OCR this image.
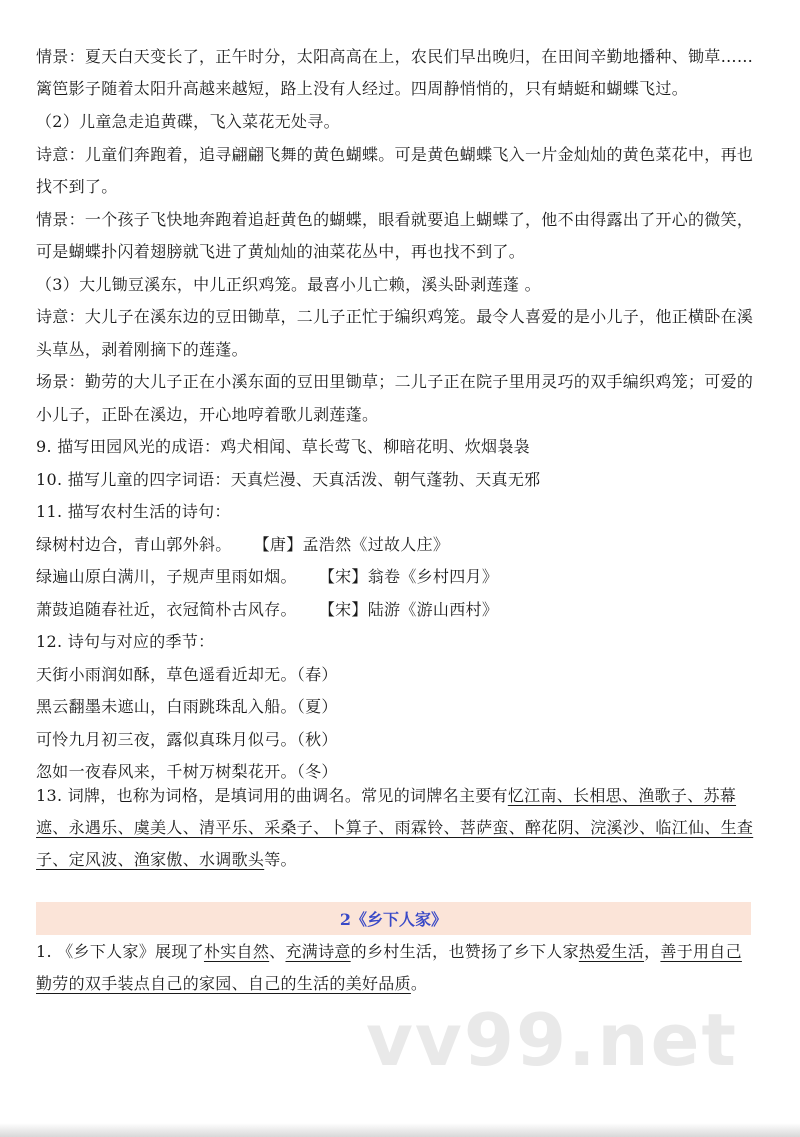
情景：夏天白天变长了，正午时分，太阳高高在上，农民们早出晚归，在田间辛勤地播种、锄草……
篱笆影子随着太阳升高越来越短，路上没有人经过。四周静悄悄的，只有蜻蜓和蝴蝶飞过。
（2）儿童急走追黄碟，飞入菜花无处寻。
诗意：儿童们奔跑着，追寻翩翩飞舞的黄色蝴蝶。可是黄色蝴蝶飞入一片金灿灿的黄色菜花中，再也
找不到了。
情景：一个孩子飞快地奔跑着追赶黄色的蝴蝶，眼看就要追上蝴蝶了，他不由得露出了开心的微笑，
可是蝴蝶扑闪着翅膀就飞进了黄灿灿的油菜花丛中，再也找不到了。
（3）大儿锄豆溪东，中儿正织鸡笼。最喜小儿亡赖，溪头卧剥莲蓬 。
诗意：大儿子在溪东边的豆田锄草，二儿子正忙于编织鸡笼。最令人喜爱的是小儿子，他正横卧在溪
头草丛，剥着刚摘下的莲蓬。
场景：勤劳的大儿子正在小溪东面的豆田里锄草；二儿子正在院子里用灵巧的双手编织鸡笼；可爱的
小儿子，正卧在溪边，开心地哼着歌儿剥莲蓬。
9. 描写田园风光的成语：鸡犬相闻、草长莺飞、柳暗花明、炊烟袅袅
10. 描写儿童的四字词语：天真烂漫、天真活泼、朝气蓬勃、天真无邪
11. 描写农村生活的诗句：
绿树村边合，青山郭外斜。 【唐】孟浩然《过故人庄》
绿遍山原白满川，子规声里雨如烟。 【宋】翁卷《乡村四月》
萧鼓追随春社近，衣冠简朴古风存。 【宋】陆游《游山西村》
12. 诗句与对应的季节：
天街小雨润如酥，草色遥看近却无。（春）
黑云翻墨未遮山，白雨跳珠乱入船。（夏）
可怜九月初三夜，露似真珠月似弓。（秋）
忽如一夜春风来，千树万树梨花开。（冬）
13. 词牌，也称为词格，是填词用的曲调名。常见的词牌名主要有忆江南、长相思、渔歌子、苏幕遮、永遇乐、虞美人、清平乐、采桑子、卜算子、雨霖铃、菩萨蛮、醉花阴、浣溪沙、临江仙、生查子、定风波、渔家傲、水调歌头等。
2《乡下人家》
1. 《乡下人家》展现了朴实自然、充满诗意的乡村生活，也赞扬了乡下人家热爱生活，善于用自己勤劳的双手装点自己的家园、自己的生活的美好品质。
vv99.net
